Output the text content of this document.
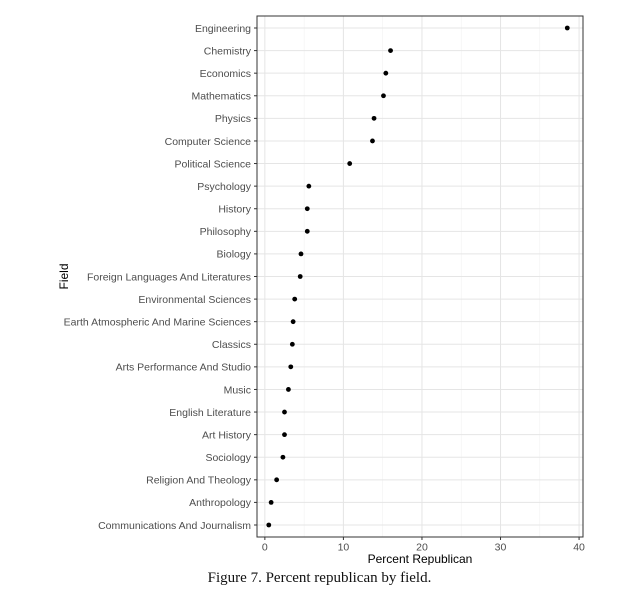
Engineering
Chemistry
Economics
Mathematics
Physics
Computer Science
Political Science
Psychology
History
Philosophy
Biology
Foreign Languages And Literatures
Environmental Sciences
Earth Atmospheric And Marine Sciences
Classics
Arts Performance And Studio
Music
English Literature
Art History
Sociology
Religion And Theology
Anthropology
Communications And Journalism
0	10	20	30	40
Percent Republican
Field
Figure 7. Percent republican by field.
